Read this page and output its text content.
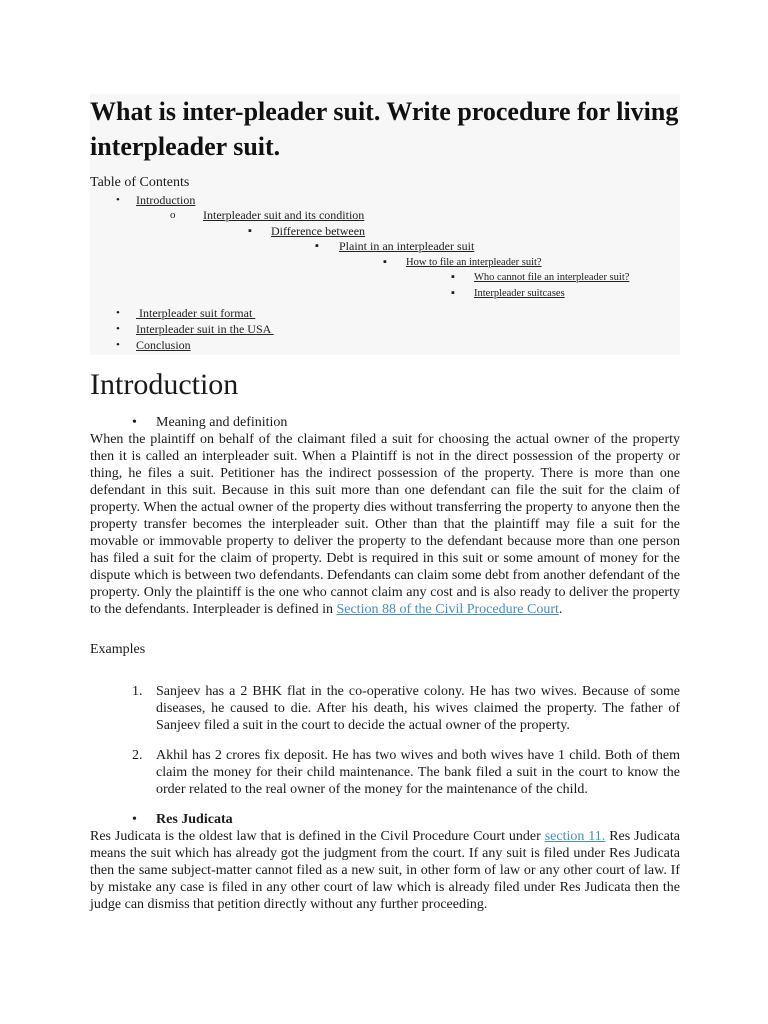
What is inter-pleader suit. Write procedure for living interpleader suit.
Table of Contents
• Introduction
o Interpleader suit and its condition
▪ Difference between
▪ Plaint in an interpleader suit
▪ How to file an interpleader suit?
▪ Who cannot file an interpleader suit?
▪ Interpleader suitcases
• Interpleader suit format
• Interpleader suit in the USA
• Conclusion
Introduction
• Meaning and definition

When the plaintiff on behalf of the claimant filed a suit for choosing the actual owner of the property then it is called an interpleader suit. When a Plaintiff is not in the direct possession of the property or thing, he files a suit. Petitioner has the indirect possession of the property. There is more than one defendant in this suit. Because in this suit more than one defendant can file the suit for the claim of property. When the actual owner of the property dies without transferring the property to anyone then the property transfer becomes the interpleader suit. Other than that the plaintiff may file a suit for the movable or immovable property to deliver the property to the defendant because more than one person has filed a suit for the claim of property. Debt is required in this suit or some amount of money for the dispute which is between two defendants. Defendants can claim some debt from another defendant of the property. Only the plaintiff is the one who cannot claim any cost and is also ready to deliver the property to the defendants. Interpleader is defined in Section 88 of the Civil Procedure Court.

Examples
1. Sanjeev has a 2 BHK flat in the co-operative colony. He has two wives. Because of some diseases, he caused to die. After his death, his wives claimed the property. The father of Sanjeev filed a suit in the court to decide the actual owner of the property.
2. Akhil has 2 crores fix deposit. He has two wives and both wives have 1 child. Both of them claim the money for their child maintenance. The bank filed a suit in the court to know the order related to the real owner of the money for the maintenance of the child.
• Res Judicata

Res Judicata is the oldest law that is defined in the Civil Procedure Court under section 11. Res Judicata means the suit which has already got the judgment from the court. If any suit is filed under Res Judicata then the same subject-matter cannot filed as a new suit, in other form of law or any other court of law. If by mistake any case is filed in any other court of law which is already filed under Res Judicata then the judge can dismiss that petition directly without any further proceeding.
